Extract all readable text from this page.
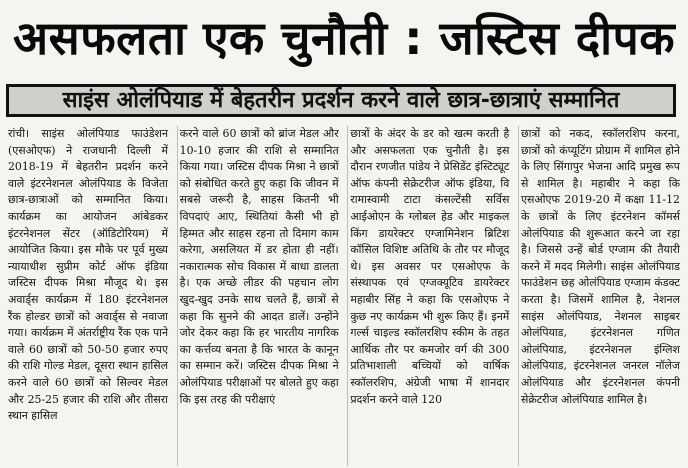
असफलता एक चुनौती : जस्टिस दीपक
साइंस ओलंपियाड में बेहतरीन प्रदर्शन करने वाले छात्र-छात्राएं सम्मानित
रांची। साइंस ओलंपियाड फाउंडेशन (एसओएफ) ने राजधानी दिल्ली में 2018-19 में बेहतरीन प्रदर्शन करने वाले इंटरनेशनल ओलंपियाड के विजेता छात्र-छात्राओं को सम्मानित किया। कार्यक्रम का आयोजन आंबेडकर इंटरनेशनल सेंटर (ऑडिटोरियम) में आयोजित किया। इस मौके पर पूर्व मुख्य न्यायाधीश सुप्रीम कोर्ट ऑफ इंडिया जस्टिस दीपक मिश्रा मौजूद थे। इस अवार्ड्स कार्यक्रम में 180 इंटरनेशनल रैंक होल्डर छात्रों को अवार्ड्स से नवाजा गया। कार्यक्रम में अंतर्राष्ट्रीय रैंक एक पाने वाले 60 छात्रों को 50-50 हजार रुपए की राशि गोल्ड मेडल, दूसरा स्थान हासिल करने वाले 60 छात्रों को सिल्वर मेडल और 25-25 हजार की राशि और तीसरा स्थान हासिल
करने वाले 60 छात्रों को ब्रांज मेडल और 10-10 हजार की राशि से सम्मानित किया गया। जस्टिस दीपक मिश्रा ने छात्रों को संबोधित करते हुए कहा कि जीवन में सबसे जरूरी है, साहस कितनी भी विपदाएं आए, स्थितियां कैसी भी हो हिम्मत और साहस रहना तो दिमाग काम करेगा, असलियत में डर होता ही नहीं। नकारात्मक सोच विकास में बाधा डालता है। एक अच्छे लीडर की पहचान लोग खुद-खुद उनके साथ चलते हैं, छात्रों से कहा कि सुनने की आदत डालें। उन्होंने जोर देकर कहा कि हर भारतीय नागरिक का कर्त्तव्य बनता है कि भारत के कानून का सम्मान करें। जस्टिस दीपक मिश्रा ने ओलंपियाड परीक्षाओं पर बोलते हुए कहा कि इस तरह की परीक्षाएं
छात्रों के अंदर के डर को खत्म करती है और असफलता एक चुनौती है। इस दौरान रणजीत पांडेय ने प्रेसिडेंट इंस्टिट्यूट ऑफ कंपनी सेक्रेटरीज ऑफ इंडिया, वि रामास्वामी टाटा कंसल्टेंसी सर्विस आईओएन के ग्लोबल हेड और माइकल किंग डायरेक्टर एग्जामिनेशन ब्रिटिश कॉसिल विशिष्ट अतिथि के तौर पर मौजूद थे। इस अवसर पर एसओएफ के संस्थापक एवं एग्जक्यूटिव डायरेक्टर महाबीर सिंह ने कहा कि एसओएफ ने कुछ नए कार्यक्रम भी शुरू किए हैं। इनमें गर्ल्स चाइल्ड स्कॉलरशिप स्कीम के तहत आर्थिक तौर पर कमजोर वर्ग की 300 प्रतिभाशाली बच्चियों को वार्षिक स्कॉलरशिप, अंग्रेजी भाषा में शानदार प्रदर्शन करने वाले 120
छात्रों को नकद, स्कॉलरशिप करना, छात्रों को कंप्यूटिंग प्रोग्राम में शामिल होने के लिए सिंगापुर भेजना आदि प्रमुख रूप से शामिल है। महाबीर ने कहा कि एसओएफ 2019-20 में कक्षा 11-12 के छात्रों के लिए इंटरनेशन कॉमर्स ओलंपियाड की शुरूआत करने जा रहा है। जिससे उन्हें बोर्ड एग्जाम की तैयारी करने में मदद मिलेगी। साइंस ओलंपियाड फाउंडेशन छह ओलंपियाड एग्जाम कंडक्ट करता है। जिसमें शामिल है, नेशनल साइंस ओलंपियाड, नेशनल साइबर ओलंपियाड, इंटरनेशनल गणित ओलंपियाड, इंटरनेशनल इंग्लिश ओलंपियाड, इंटरनेशनल जनरल नॉलेज ओलंपियाड और इंटरनेशनल कंपनी सेक्रेटरीज ओलंपियाड शामिल है।
